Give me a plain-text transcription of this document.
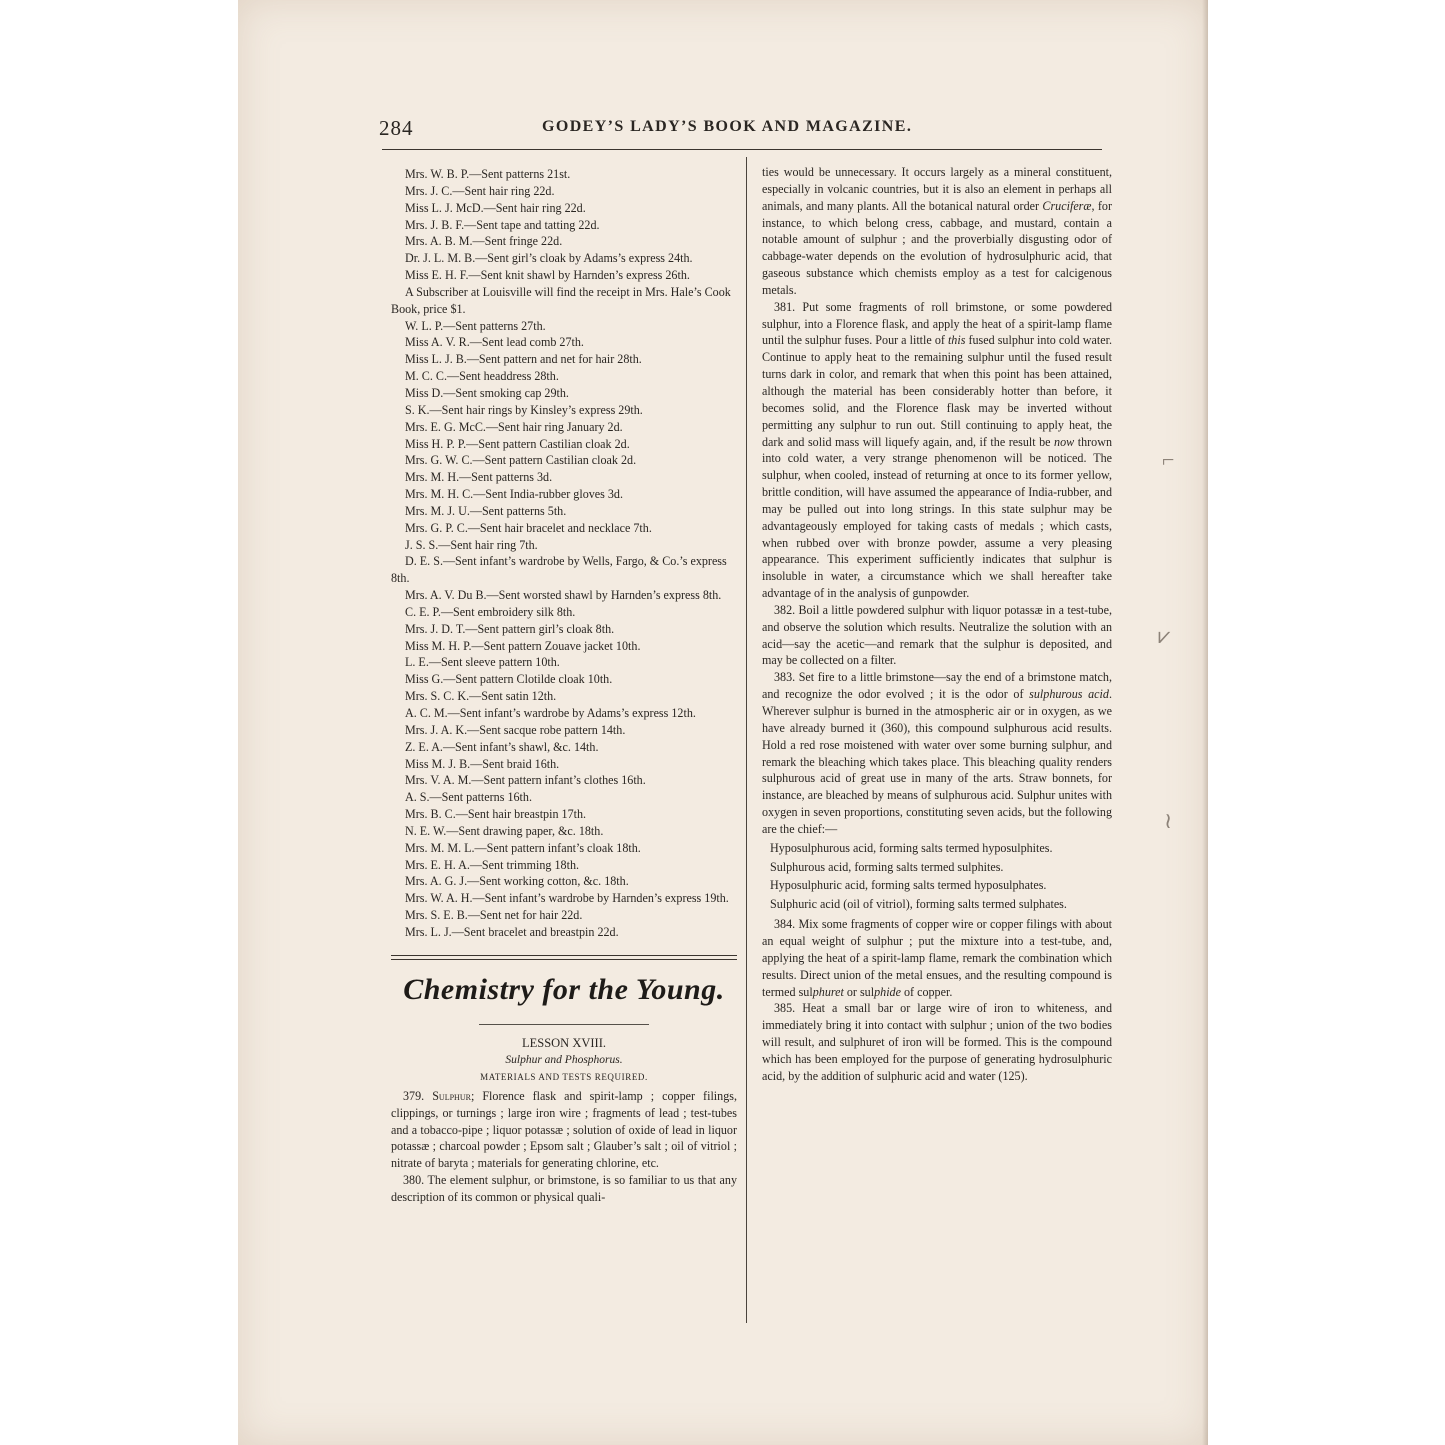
284	GODEY’S LADY’S BOOK AND MAGAZINE.
⌐
⩗
≀

Mrs. W. B. P.—Sent patterns 21st.

Mrs. J. C.—Sent hair ring 22d.

Miss L. J. McD.—Sent hair ring 22d.

Mrs. J. B. F.—Sent tape and tatting 22d.

Mrs. A. B. M.—Sent fringe 22d.

Dr. J. L. M. B.—Sent girl’s cloak by Adams’s express 24th.

Miss E. H. F.—Sent knit shawl by Harnden’s express 26th.

A Subscriber at Louisville will find the receipt in Mrs. Hale’s Cook Book, price $1.

W. L. P.—Sent patterns 27th.

Miss A. V. R.—Sent lead comb 27th.

Miss L. J. B.—Sent pattern and net for hair 28th.

M. C. C.—Sent headdress 28th.

Miss D.—Sent smoking cap 29th.

S. K.—Sent hair rings by Kinsley’s express 29th.

Mrs. E. G. McC.—Sent hair ring January 2d.

Miss H. P. P.—Sent pattern Castilian cloak 2d.

Mrs. G. W. C.—Sent pattern Castilian cloak 2d.

Mrs. M. H.—Sent patterns 3d.

Mrs. M. H. C.—Sent India-rubber gloves 3d.

Mrs. M. J. U.—Sent patterns 5th.

Mrs. G. P. C.—Sent hair bracelet and necklace 7th.

J. S. S.—Sent hair ring 7th.

D. E. S.—Sent infant’s wardrobe by Wells, Fargo, & Co.’s express 8th.

Mrs. A. V. Du B.—Sent worsted shawl by Harnden’s express 8th.

C. E. P.—Sent embroidery silk 8th.

Mrs. J. D. T.—Sent pattern girl’s cloak 8th.

Miss M. H. P.—Sent pattern Zouave jacket 10th.

L. E.—Sent sleeve pattern 10th.

Miss G.—Sent pattern Clotilde cloak 10th.

Mrs. S. C. K.—Sent satin 12th.

A. C. M.—Sent infant’s wardrobe by Adams’s express 12th.

Mrs. J. A. K.—Sent sacque robe pattern 14th.

Z. E. A.—Sent infant’s shawl, &c. 14th.

Miss M. J. B.—Sent braid 16th.

Mrs. V. A. M.—Sent pattern infant’s clothes 16th.

A. S.—Sent patterns 16th.

Mrs. B. C.—Sent hair breastpin 17th.

N. E. W.—Sent drawing paper, &c. 18th.

Mrs. M. M. L.—Sent pattern infant’s cloak 18th.

Mrs. E. H. A.—Sent trimming 18th.

Mrs. A. G. J.—Sent working cotton, &c. 18th.

Mrs. W. A. H.—Sent infant’s wardrobe by Harnden’s express 19th.

Mrs. S. E. B.—Sent net for hair 22d.

Mrs. L. J.—Sent bracelet and breastpin 22d.

Chemistry for the Young.
LESSON XVIII.
Sulphur and Phosphorus.
MATERIALS AND TESTS REQUIRED.

379. Sulphur; Florence flask and spirit-lamp ; copper filings, clippings, or turnings ; large iron wire ; fragments of lead ; test-tubes and a tobacco-pipe ; liquor potassæ ; solution of oxide of lead in liquor potassæ ; charcoal powder ; Epsom salt ; Glauber’s salt ; oil of vitriol ; nitrate of baryta ; materials for generating chlorine, etc.

380. The element sulphur, or brimstone, is so familiar to us that any description of its common or physical quali-

ties would be unnecessary. It occurs largely as a mineral constituent, especially in volcanic countries, but it is also an element in perhaps all animals, and many plants. All the botanical natural order Cruciferæ, for instance, to which belong cress, cabbage, and mustard, contain a notable amount of sulphur ; and the proverbially disgusting odor of cabbage-water depends on the evolution of hydrosulphuric acid, that gaseous substance which chemists employ as a test for calcigenous metals.

381. Put some fragments of roll brimstone, or some powdered sulphur, into a Florence flask, and apply the heat of a spirit-lamp flame until the sulphur fuses. Pour a little of this fused sulphur into cold water. Continue to apply heat to the remaining sulphur until the fused result turns dark in color, and remark that when this point has been attained, although the material has been considerably hotter than before, it becomes solid, and the Florence flask may be inverted without permitting any sulphur to run out. Still continuing to apply heat, the dark and solid mass will liquefy again, and, if the result be now thrown into cold water, a very strange phenomenon will be noticed. The sulphur, when cooled, instead of returning at once to its former yellow, brittle condition, will have assumed the appearance of India-rubber, and may be pulled out into long strings. In this state sulphur may be advantageously employed for taking casts of medals ; which casts, when rubbed over with bronze powder, assume a very pleasing appearance. This experiment sufficiently indicates that sulphur is insoluble in water, a circumstance which we shall hereafter take advantage of in the analysis of gunpowder.

382. Boil a little powdered sulphur with liquor potassæ in a test-tube, and observe the solution which results. Neutralize the solution with an acid—say the acetic—and remark that the sulphur is deposited, and may be collected on a filter.

383. Set fire to a little brimstone—say the end of a brimstone match, and recognize the odor evolved ; it is the odor of sulphurous acid. Wherever sulphur is burned in the atmospheric air or in oxygen, as we have already burned it (360), this compound sulphurous acid results. Hold a red rose moistened with water over some burning sulphur, and remark the bleaching which takes place. This bleaching quality renders sulphurous acid of great use in many of the arts. Straw bonnets, for instance, are bleached by means of sulphurous acid. Sulphur unites with oxygen in seven proportions, constituting seven acids, but the following are the chief:—

Hyposulphurous acid, forming salts termed hyposulphites.

Sulphurous acid, forming salts termed sulphites.

Hyposulphuric acid, forming salts termed hyposulphates.

Sulphuric acid (oil of vitriol), forming salts termed sulphates.

384. Mix some fragments of copper wire or copper filings with about an equal weight of sulphur ; put the mixture into a test-tube, and, applying the heat of a spirit-lamp flame, remark the combination which results. Direct union of the metal ensues, and the resulting compound is termed sulphuret or sulphide of copper.

385. Heat a small bar or large wire of iron to whiteness, and immediately bring it into contact with sulphur ; union of the two bodies will result, and sulphuret of iron will be formed. This is the compound which has been employed for the purpose of generating hydrosulphuric acid, by the addition of sulphuric acid and water (125).
